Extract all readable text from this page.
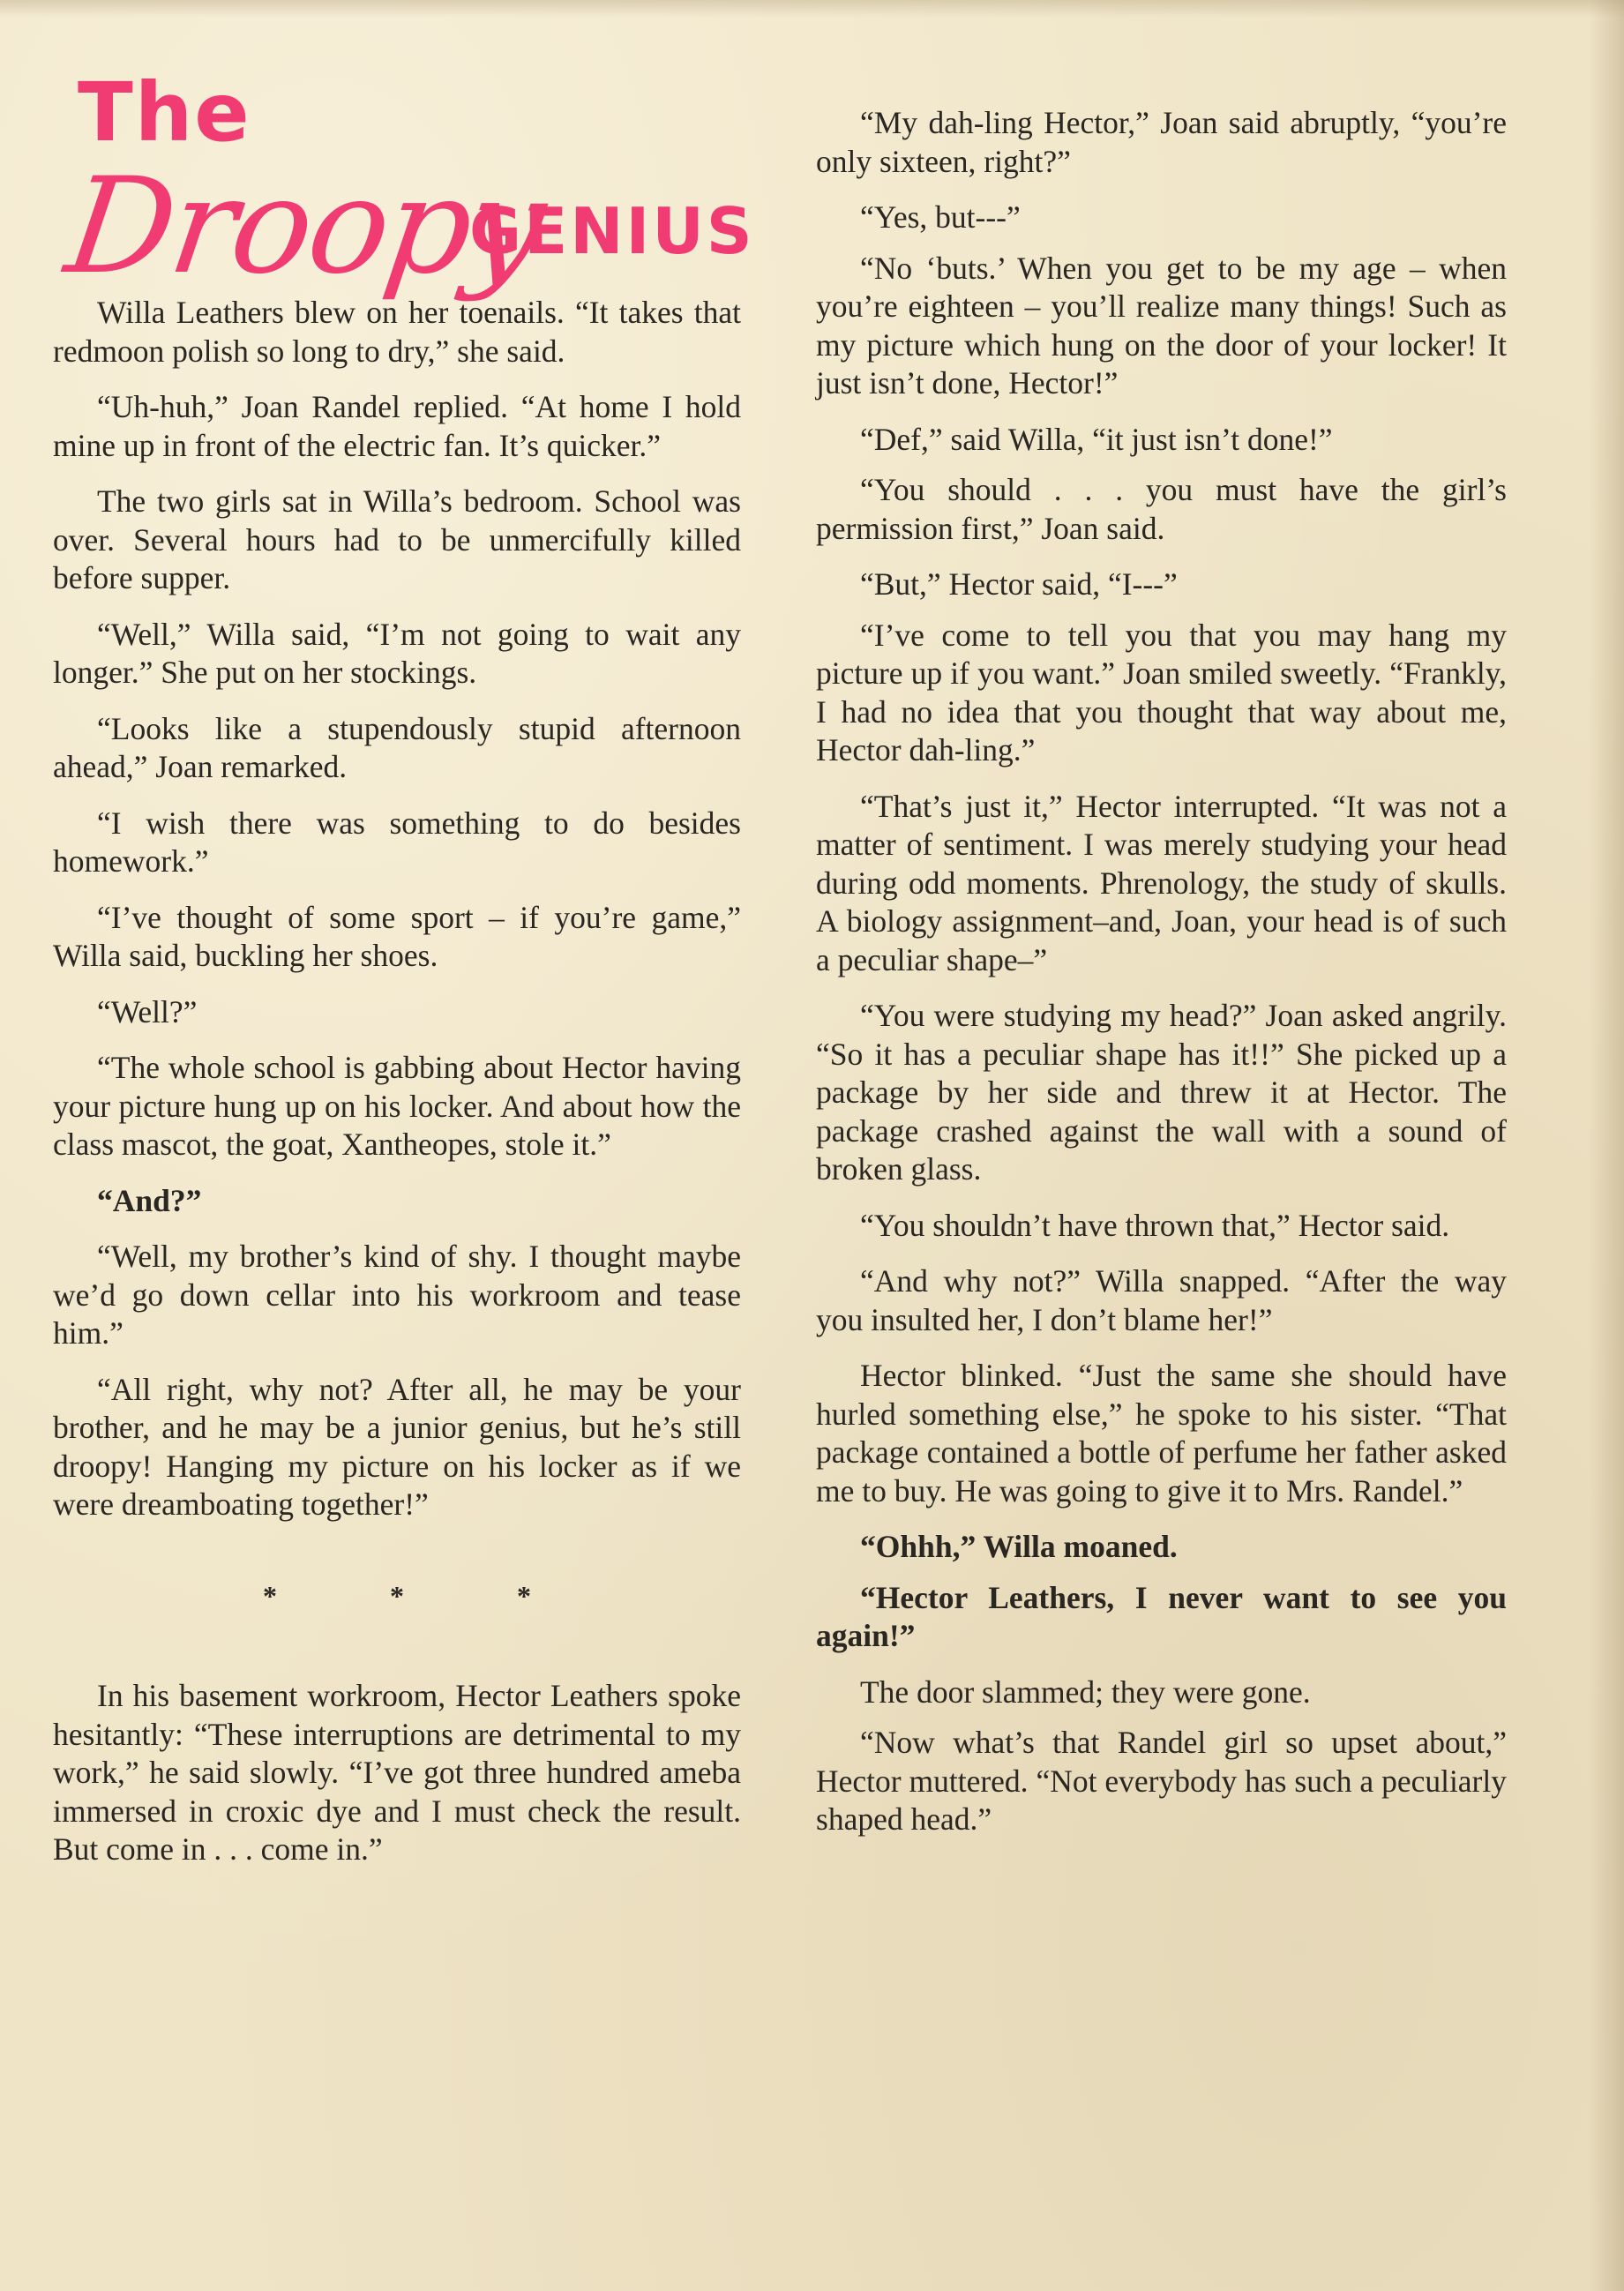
The
Droopy
GENIUS

Willa Leathers blew on her toenails. “It takes that redmoon polish so long to dry,” she said.

“Uh-huh,” Joan Randel replied. “At home I hold mine up in front of the electric fan. It’s quicker.”

The two girls sat in Willa’s bedroom. School was over. Several hours had to be unmercifully killed before supper.

“Well,” Willa said, “I’m not going to wait any longer.” She put on her stockings.

“Looks like a stupendously stupid afternoon ahead,” Joan remarked.

“I wish there was something to do besides homework.”

“I’ve thought of some sport – if you’re game,” Willa said, buckling her shoes.

“Well?”

“The whole school is gabbing about Hector having your picture hung up on his locker. And about how the class mascot, the goat, Xantheopes, stole it.”

“And?”

“Well, my brother’s kind of shy. I thought maybe we’d go down cellar into his workroom and tease him.”

“All right, why not? After all, he may be your brother, and he may be a junior genius, but he’s still droopy! Hanging my picture on his locker as if we were dreamboating together!”

* * *

In his basement workroom, Hector Leathers spoke hesitantly: “These interruptions are detrimental to my work,” he said slowly. “I’ve got three hundred ameba immersed in croxic dye and I must check the result. But come in . . . come in.”

“My dah-ling Hector,” Joan said abruptly, “you’re only sixteen, right?”

“Yes, but---”

“No ‘buts.’ When you get to be my age – when you’re eighteen – you’ll realize many things! Such as my picture which hung on the door of your locker! It just isn’t done, Hector!”

“Def,” said Willa, “it just isn’t done!”

“You should . . . you must have the girl’s permission first,” Joan said.

“But,” Hector said, “I---”

“I’ve come to tell you that you may hang my picture up if you want.” Joan smiled sweetly. “Frankly, I had no idea that you thought that way about me, Hector dah-ling.”

“That’s just it,” Hector interrupted. “It was not a matter of sentiment. I was merely studying your head during odd moments. Phrenology, the study of skulls. A biology assignment–and, Joan, your head is of such a peculiar shape–”

“You were studying my head?” Joan asked angrily. “So it has a peculiar shape has it!!” She picked up a package by her side and threw it at Hector. The package crashed against the wall with a sound of broken glass.

“You shouldn’t have thrown that,” Hector said.

“And why not?” Willa snapped. “After the way you insulted her, I don’t blame her!”

Hector blinked. “Just the same she should have hurled something else,” he spoke to his sister. “That package contained a bottle of perfume her father asked me to buy. He was going to give it to Mrs. Randel.”

“Ohhh,” Willa moaned.

“Hector Leathers, I never want to see you again!”

The door slammed; they were gone.

“Now what’s that Randel girl so upset about,” Hector muttered. “Not everybody has such a peculiarly shaped head.”
